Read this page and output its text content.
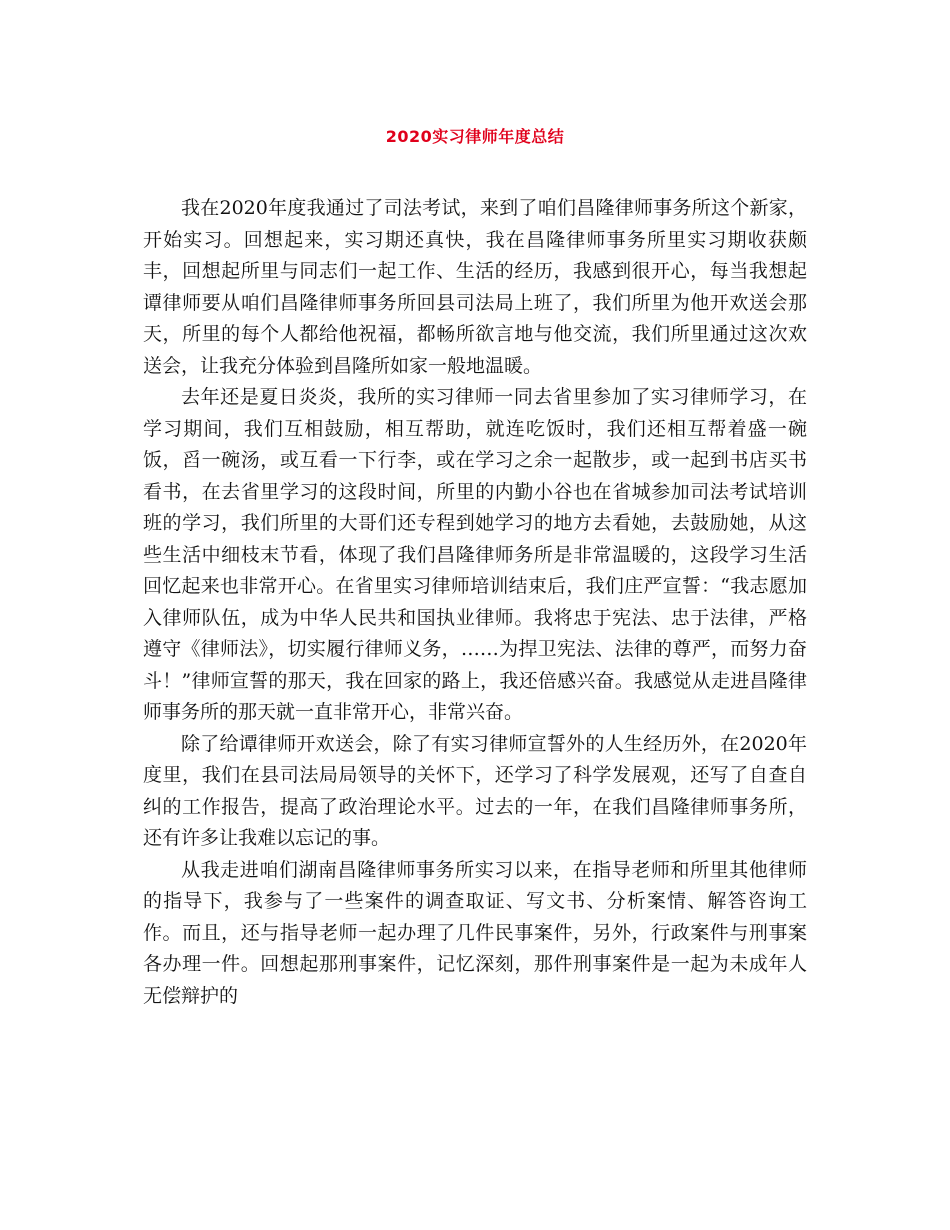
2020实习律师年度总结

我在2020年度我通过了司法考试，来到了咱们昌隆律师事务所这个新家，开始实习。回想起来，实习期还真快，我在昌隆律师事务所里实习期收获颇丰，回想起所里与同志们一起工作、生活的经历，我感到很开心，每当我想起谭律师要从咱们昌隆律师事务所回县司法局上班了，我们所里为他开欢送会那天，所里的每个人都给他祝福，都畅所欲言地与他交流，我们所里通过这次欢送会，让我充分体验到昌隆所如家一般地温暖。

去年还是夏日炎炎，我所的实习律师一同去省里参加了实习律师学习，在学习期间，我们互相鼓励，相互帮助，就连吃饭时，我们还相互帮着盛一碗饭，舀一碗汤，或互看一下行李，或在学习之余一起散步，或一起到书店买书看书，在去省里学习的这段时间，所里的内勤小谷也在省城参加司法考试培训班的学习，我们所里的大哥们还专程到她学习的地方去看她，去鼓励她，从这些生活中细枝末节看，体现了我们昌隆律师务所是非常温暖的，这段学习生活回忆起来也非常开心。在省里实习律师培训结束后，我们庄严宣誓：“我志愿加入律师队伍，成为中华人民共和国执业律师。我将忠于宪法、忠于法律，严格遵守《律师法》，切实履行律师义务，……为捍卫宪法、法律的尊严，而努力奋斗！”律师宣誓的那天，我在回家的路上，我还倍感兴奋。我感觉从走进昌隆律师事务所的那天就一直非常开心，非常兴奋。

除了给谭律师开欢送会，除了有实习律师宣誓外的人生经历外，在2020年度里，我们在县司法局局领导的关怀下，还学习了科学发展观，还写了自查自纠的工作报告，提高了政治理论水平。过去的一年，在我们昌隆律师事务所，还有许多让我难以忘记的事。

从我走进咱们湖南昌隆律师事务所实习以来，在指导老师和所里其他律师的指导下，我参与了一些案件的调查取证、写文书、分析案情、解答咨询工作。而且，还与指导老师一起办理了几件民事案件，另外，行政案件与刑事案各办理一件。回想起那刑事案件，记忆深刻，那件刑事案件是一起为未成年人无偿辩护的
